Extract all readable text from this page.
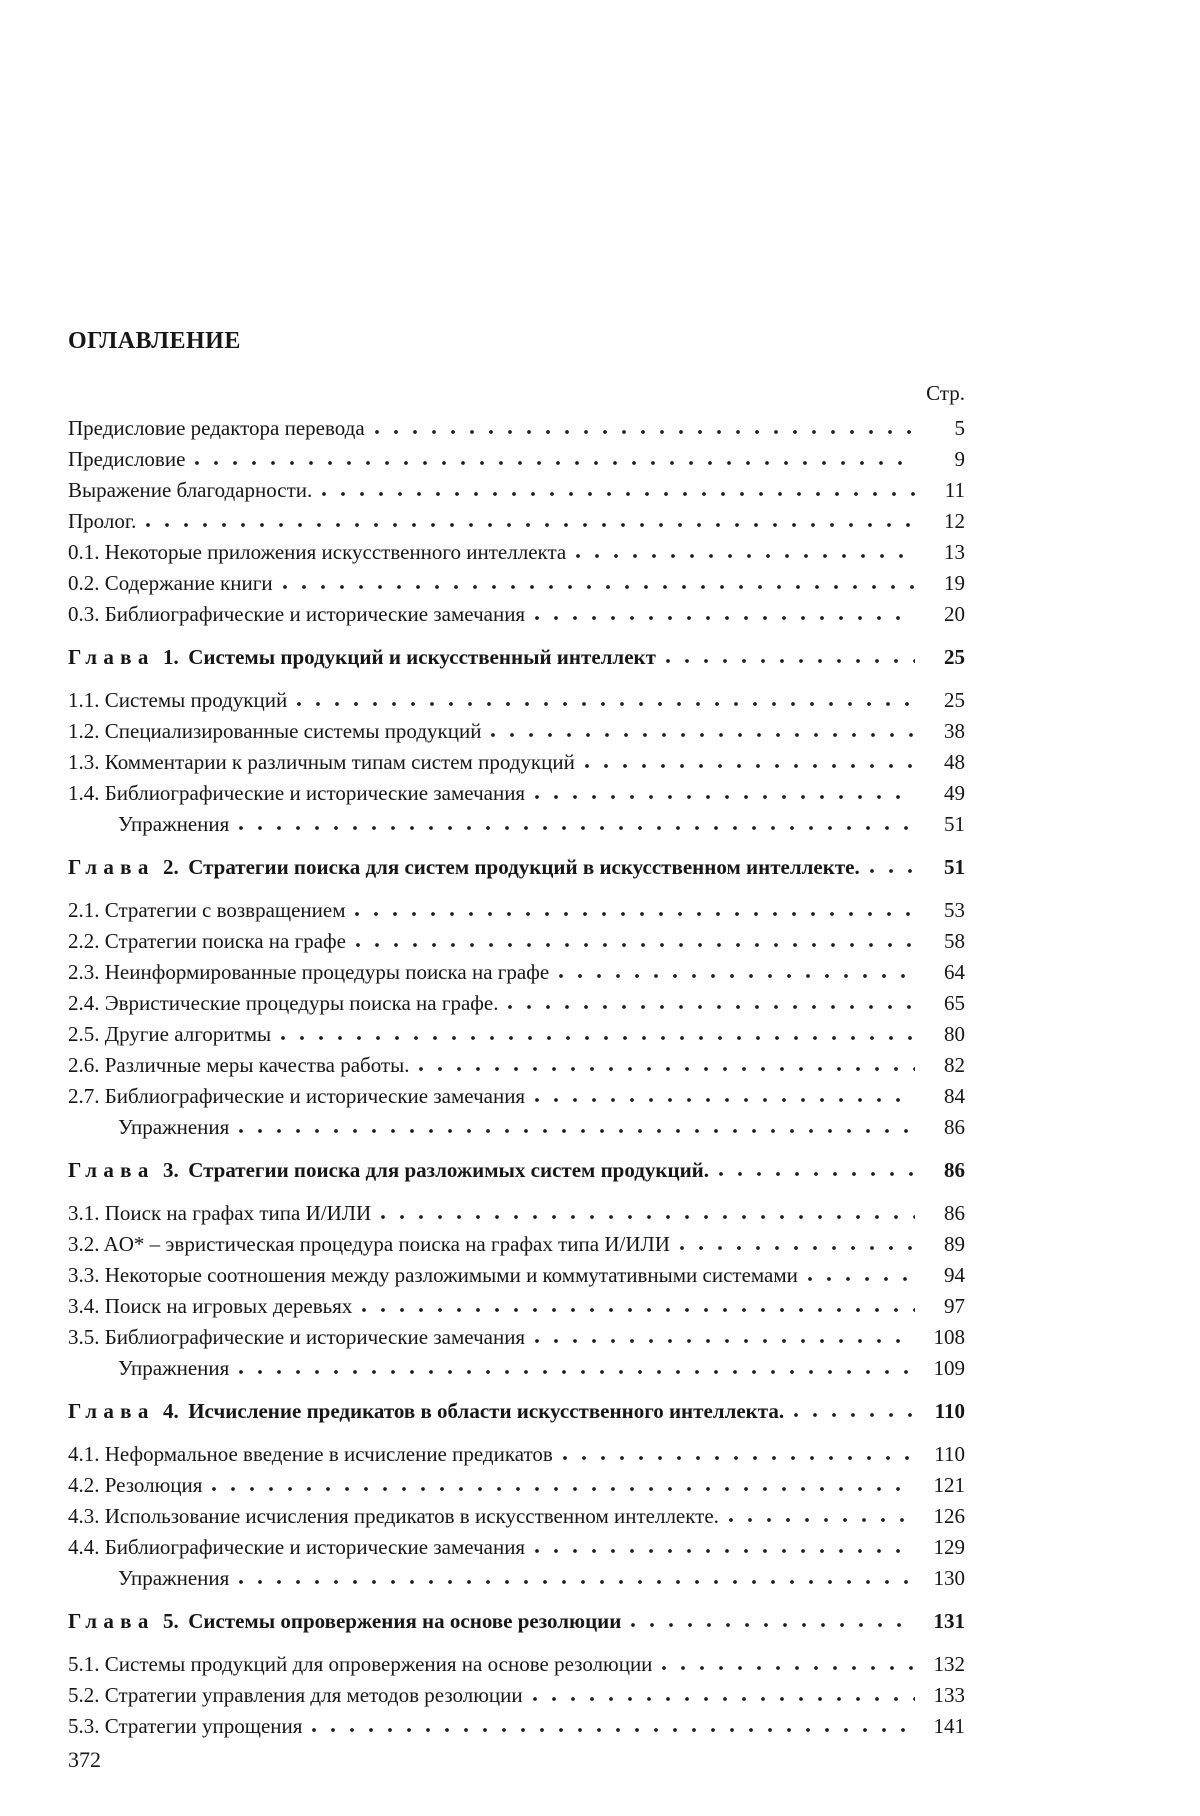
ОГЛАВЛЕНИЕ
Стр.
Предисловие редактора перевода	5
Предисловие	9
Выражение благодарности.	11
Пролог.	12
0.1. Некоторые приложения искусственного интеллекта	13
0.2. Содержание книги	19
0.3. Библиографические и исторические замечания	20
Глава 1. Системы продукций и искусственный интеллект	25
1.1. Системы продукций	25
1.2. Специализированные системы продукций	38
1.3. Комментарии к различным типам систем продукций	48
1.4. Библиографические и исторические замечания	49
Упражнения	51
Глава 2. Стратегии поиска для систем продукций в искусственном интеллекте.	51
2.1. Стратегии с возвращением	53
2.2. Стратегии поиска на графе	58
2.3. Неинформированные процедуры поиска на графе	64
2.4. Эвристические процедуры поиска на графе.	65
2.5. Другие алгоритмы	80
2.6. Различные меры качества работы.	82
2.7. Библиографические и исторические замечания	84
Упражнения	86
Глава 3. Стратегии поиска для разложимых систем продукций.	86
3.1. Поиск на графах типа И/ИЛИ	86
3.2. AO* – эвристическая процедура поиска на графах типа И/ИЛИ	89
3.3. Некоторые соотношения между разложимыми и коммутативными системами	94
3.4. Поиск на игровых деревьях	97
3.5. Библиографические и исторические замечания	108
Упражнения	109
Глава 4. Исчисление предикатов в области искусственного интеллекта.	110
4.1. Неформальное введение в исчисление предикатов	110
4.2. Резолюция	121
4.3. Использование исчисления предикатов в искусственном интеллекте.	126
4.4. Библиографические и исторические замечания	129
Упражнения	130
Глава 5. Системы опровержения на основе резолюции	131
5.1. Системы продукций для опровержения на основе резолюции	132
5.2. Стратегии управления для методов резолюции	133
5.3. Стратегии упрощения	141
372
